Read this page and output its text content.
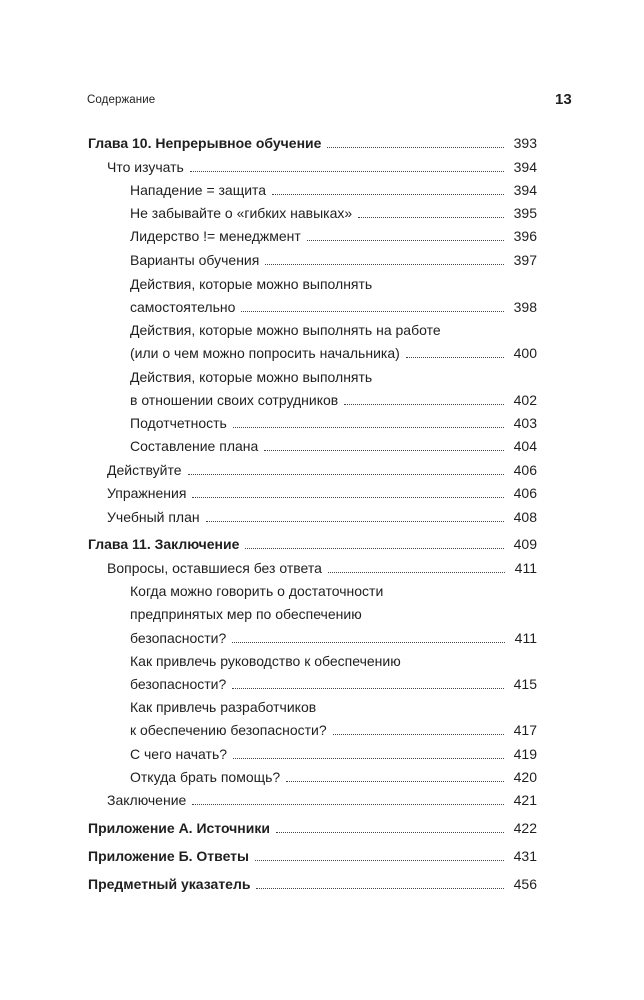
Содержание	13
Глава 10. Непрерывное обучение	393
Что изучать	394
Нападение = защита	394
Не забывайте о «гибких навыках»	395
Лидерство != менеджмент	396
Варианты обучения	397
Действия, которые можно выполнять
самостоятельно	398
Действия, которые можно выполнять на работе
(или о чем можно попросить начальника)	400
Действия, которые можно выполнять
в отношении своих сотрудников	402
Подотчетность	403
Составление плана	404
Действуйте	406
Упражнения	406
Учебный план	408
Глава 11. Заключение	409
Вопросы, оставшиеся без ответа	411
Когда можно говорить о достаточности
предпринятых мер по обеспечению
безопасности?	411
Как привлечь руководство к обеспечению
безопасности?	415
Как привлечь разработчиков
к обеспечению безопасности?	417
С чего начать?	419
Откуда брать помощь?	420
Заключение	421
Приложение А. Источники	422
Приложение Б. Ответы	431
Предметный указатель	456
